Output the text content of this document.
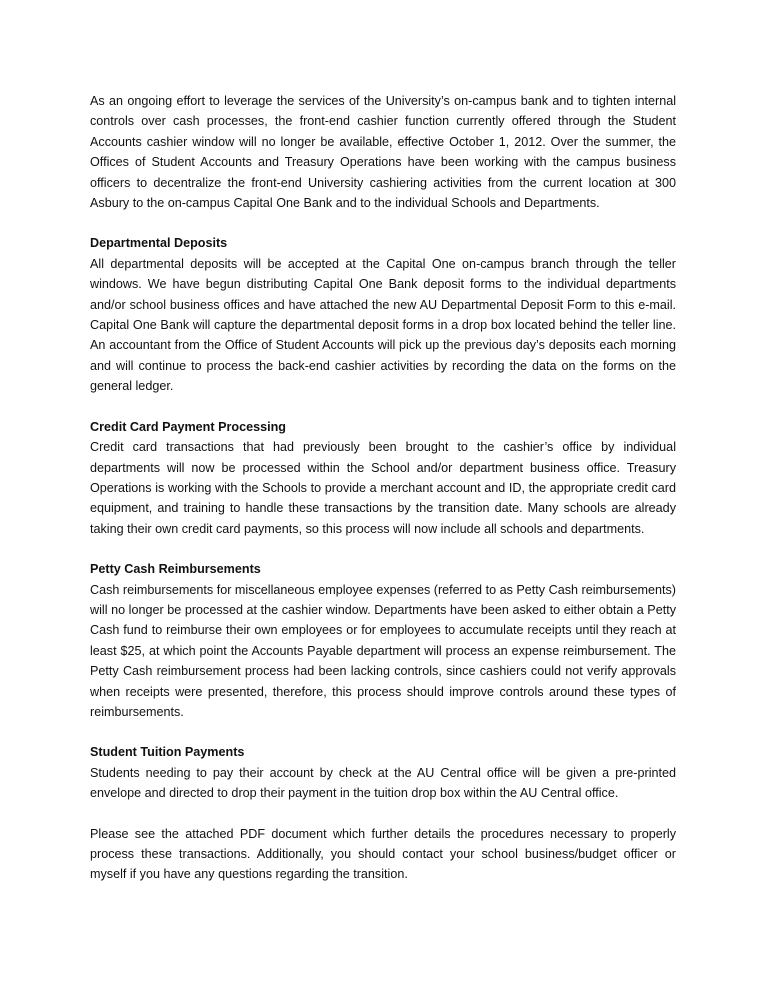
As an ongoing effort to leverage the services of the University’s on-campus bank and to tighten internal controls over cash processes, the front-end cashier function currently offered through the Student Accounts cashier window will no longer be available, effective October 1, 2012. Over the summer, the Offices of Student Accounts and Treasury Operations have been working with the campus business officers to decentralize the front-end University cashiering activities from the current location at 300 Asbury to the on-campus Capital One Bank and to the individual Schools and Departments.

Departmental Deposits

All departmental deposits will be accepted at the Capital One on-campus branch through the teller windows. We have begun distributing Capital One Bank deposit forms to the individual departments and/or school business offices and have attached the new AU Departmental Deposit Form to this e-mail. Capital One Bank will capture the departmental deposit forms in a drop box located behind the teller line. An accountant from the Office of Student Accounts will pick up the previous day’s deposits each morning and will continue to process the back-end cashier activities by recording the data on the forms on the general ledger.

Credit Card Payment Processing

Credit card transactions that had previously been brought to the cashier’s office by individual departments will now be processed within the School and/or department business office. Treasury Operations is working with the Schools to provide a merchant account and ID, the appropriate credit card equipment, and training to handle these transactions by the transition date. Many schools are already taking their own credit card payments, so this process will now include all schools and departments.

Petty Cash Reimbursements

Cash reimbursements for miscellaneous employee expenses (referred to as Petty Cash reimbursements) will no longer be processed at the cashier window. Departments have been asked to either obtain a Petty Cash fund to reimburse their own employees or for employees to accumulate receipts until they reach at least $25, at which point the Accounts Payable department will process an expense reimbursement. The Petty Cash reimbursement process had been lacking controls, since cashiers could not verify approvals when receipts were presented, therefore, this process should improve controls around these types of reimbursements.

Student Tuition Payments

Students needing to pay their account by check at the AU Central office will be given a pre-printed envelope and directed to drop their payment in the tuition drop box within the AU Central office.

Please see the attached PDF document which further details the procedures necessary to properly process these transactions. Additionally, you should contact your school business/budget officer or myself if you have any questions regarding the transition.
